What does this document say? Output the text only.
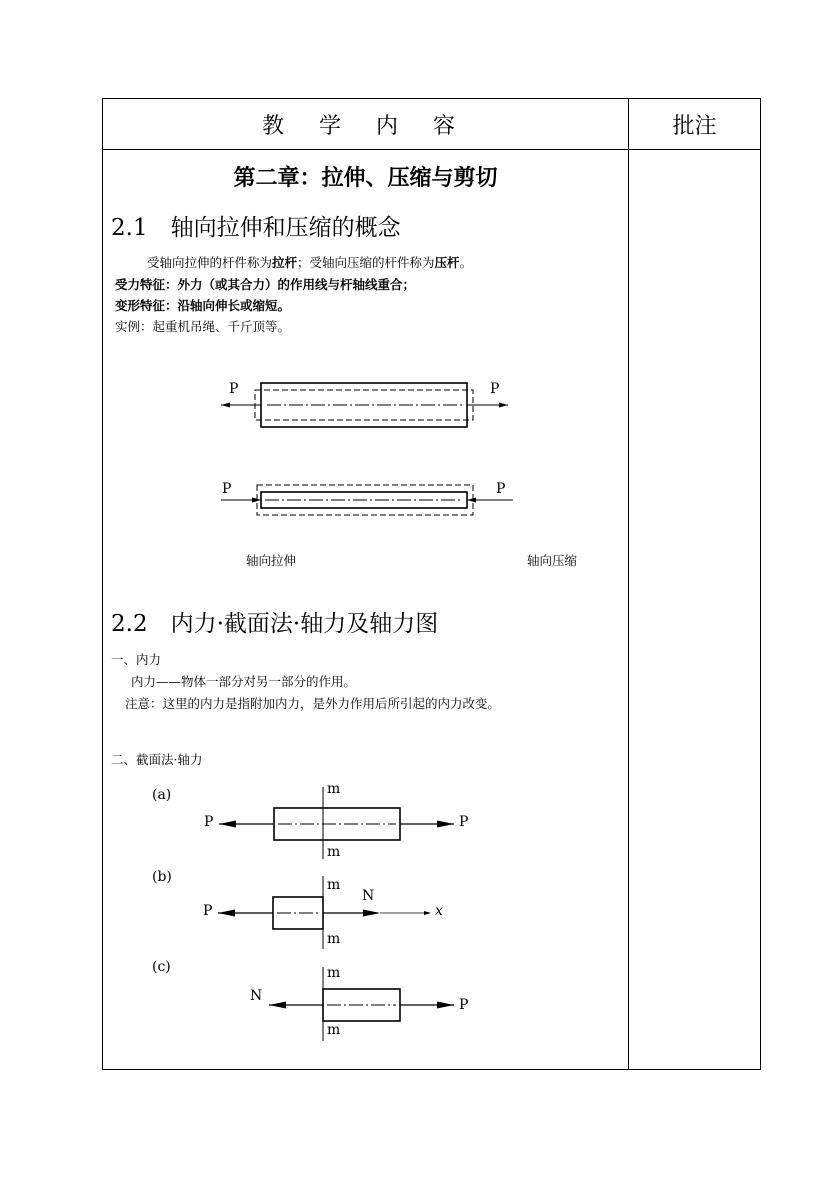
教 学 内 容	批注
第二章：拉伸、压缩与剪切
2.1　轴向拉伸和压缩的概念
受轴向拉伸的杆件称为拉杆；受轴向压缩的杆件称为压杆。
受力特征：外力（或其合力）的作用线与杆轴线重合；
变形特征：沿轴向伸长或缩短。
实例：起重机吊绳、千斤顶等。
P	P
P	P
轴向拉伸	轴向压缩
2.2　内力·截面法·轴力及轴力图
一、内力
内力——物体一部分对另一部分的作用。
注意：这里的内力是指附加内力，是外力作用后所引起的内力改变。
二、截面法·轴力
(a)	m
m
P	P
(b)	m
m
P
N
x
(c)	m
m
N
P
